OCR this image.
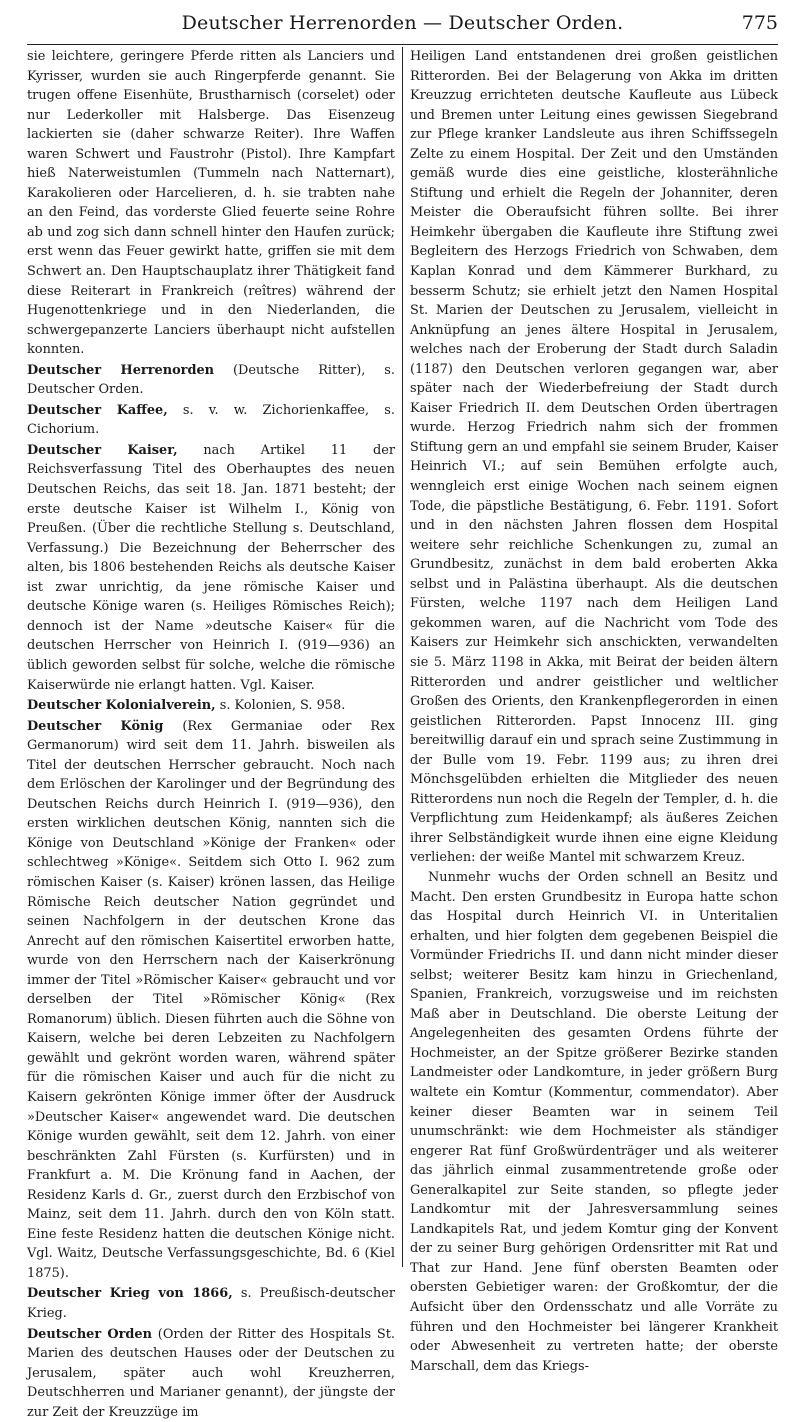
Deutscher Herrenorden — Deutscher Orden.	775

sie leichtere, geringere Pferde ritten als Lanciers und Kyrisser, wurden sie auch Ringerpferde genannt. Sie trugen offene Eisenhüte, Brustharnisch (corselet) oder nur Lederkoller mit Halsberge. Das Eisenzeug lackierten sie (daher schwarze Reiter). Ihre Waffen waren Schwert und Faustrohr (Pistol). Ihre Kampfart hieß Naterweistumlen (Tummeln nach Natternart), Karakolieren oder Harcelieren, d. h. sie trabten nahe an den Feind, das vorderste Glied feuerte seine Rohre ab und zog sich dann schnell hinter den Haufen zurück; erst wenn das Feuer gewirkt hatte, griffen sie mit dem Schwert an. Den Hauptschauplatz ihrer Thätigkeit fand diese Reiterart in Frankreich (reîtres) während der Hugenottenkriege und in den Niederlanden, die schwergepanzerte Lanciers überhaupt nicht aufstellen konnten.

Deutscher Herrenorden (Deutsche Ritter), s. Deutscher Orden.

Deutscher Kaffee, s. v. w. Zichorienkaffee, s. Cichorium.

Deutscher Kaiser, nach Artikel 11 der Reichsverfassung Titel des Oberhauptes des neuen Deutschen Reichs, das seit 18. Jan. 1871 besteht; der erste deutsche Kaiser ist Wilhelm I., König von Preußen. (Über die rechtliche Stellung s. Deutschland, Verfassung.) Die Bezeichnung der Beherrscher des alten, bis 1806 bestehenden Reichs als deutsche Kaiser ist zwar unrichtig, da jene römische Kaiser und deutsche Könige waren (s. Heiliges Römisches Reich); dennoch ist der Name »deutsche Kaiser« für die deutschen Herrscher von Heinrich I. (919—936) an üblich geworden selbst für solche, welche die römische Kaiserwürde nie erlangt hatten. Vgl. Kaiser.

Deutscher Kolonialverein, s. Kolonien, S. 958.

Deutscher König (Rex Germaniae oder Rex Germanorum) wird seit dem 11. Jahrh. bisweilen als Titel der deutschen Herrscher gebraucht. Noch nach dem Erlöschen der Karolinger und der Begründung des Deutschen Reichs durch Heinrich I. (919—936), den ersten wirklichen deutschen König, nannten sich die Könige von Deutschland »Könige der Franken« oder schlechtweg »Könige«. Seitdem sich Otto I. 962 zum römischen Kaiser (s. Kaiser) krönen lassen, das Heilige Römische Reich deutscher Nation gegründet und seinen Nachfolgern in der deutschen Krone das Anrecht auf den römischen Kaisertitel erworben hatte, wurde von den Herrschern nach der Kaiserkrönung immer der Titel »Römischer Kaiser« gebraucht und vor derselben der Titel »Römischer König« (Rex Romanorum) üblich. Diesen führten auch die Söhne von Kaisern, welche bei deren Lebzeiten zu Nachfolgern gewählt und gekrönt worden waren, während später für die römischen Kaiser und auch für die nicht zu Kaisern gekrönten Könige immer öfter der Ausdruck »Deutscher Kaiser« angewendet ward. Die deutschen Könige wurden gewählt, seit dem 12. Jahrh. von einer beschränkten Zahl Fürsten (s. Kurfürsten) und in Frankfurt a. M. Die Krönung fand in Aachen, der Residenz Karls d. Gr., zuerst durch den Erzbischof von Mainz, seit dem 11. Jahrh. durch den von Köln statt. Eine feste Residenz hatten die deutschen Könige nicht. Vgl. Waitz, Deutsche Verfassungsgeschichte, Bd. 6 (Kiel 1875).

Deutscher Krieg von 1866, s. Preußisch-deutscher Krieg.

Deutscher Orden (Orden der Ritter des Hospitals St. Marien des deutschen Hauses oder der Deutschen zu Jerusalem, später auch wohl Kreuzherren, Deutschherren und Marianer genannt), der jüngste der zur Zeit der Kreuzzüge im

Heiligen Land entstandenen drei großen geistlichen Ritterorden. Bei der Belagerung von Akka im dritten Kreuzzug errichteten deutsche Kaufleute aus Lübeck und Bremen unter Leitung eines gewissen Siegebrand zur Pflege kranker Landsleute aus ihren Schiffssegeln Zelte zu einem Hospital. Der Zeit und den Umständen gemäß wurde dies eine geistliche, klosterähnliche Stiftung und erhielt die Regeln der Johanniter, deren Meister die Oberaufsicht führen sollte. Bei ihrer Heimkehr übergaben die Kaufleute ihre Stiftung zwei Begleitern des Herzogs Friedrich von Schwaben, dem Kaplan Konrad und dem Kämmerer Burkhard, zu besserm Schutz; sie erhielt jetzt den Namen Hospital St. Marien der Deutschen zu Jerusalem, vielleicht in Anknüpfung an jenes ältere Hospital in Jerusalem, welches nach der Eroberung der Stadt durch Saladin (1187) den Deutschen verloren gegangen war, aber später nach der Wiederbefreiung der Stadt durch Kaiser Friedrich II. dem Deutschen Orden übertragen wurde. Herzog Friedrich nahm sich der frommen Stiftung gern an und empfahl sie seinem Bruder, Kaiser Heinrich VI.; auf sein Bemühen erfolgte auch, wenngleich erst einige Wochen nach seinem eignen Tode, die päpstliche Bestätigung, 6. Febr. 1191. Sofort und in den nächsten Jahren flossen dem Hospital weitere sehr reichliche Schenkungen zu, zumal an Grundbesitz, zunächst in dem bald eroberten Akka selbst und in Palästina überhaupt. Als die deutschen Fürsten, welche 1197 nach dem Heiligen Land gekommen waren, auf die Nachricht vom Tode des Kaisers zur Heimkehr sich anschickten, verwandelten sie 5. März 1198 in Akka, mit Beirat der beiden ältern Ritterorden und andrer geistlicher und weltlicher Großen des Orients, den Krankenpflegerorden in einen geistlichen Ritterorden. Papst Innocenz III. ging bereitwillig darauf ein und sprach seine Zustimmung in der Bulle vom 19. Febr. 1199 aus; zu ihren drei Mönchsgelübden erhielten die Mitglieder des neuen Ritterordens nun noch die Regeln der Templer, d. h. die Verpflichtung zum Heidenkampf; als äußeres Zeichen ihrer Selbständigkeit wurde ihnen eine eigne Kleidung verliehen: der weiße Mantel mit schwarzem Kreuz.

Nunmehr wuchs der Orden schnell an Besitz und Macht. Den ersten Grundbesitz in Europa hatte schon das Hospital durch Heinrich VI. in Unteritalien erhalten, und hier folgten dem gegebenen Beispiel die Vormünder Friedrichs II. und dann nicht minder dieser selbst; weiterer Besitz kam hinzu in Griechenland, Spanien, Frankreich, vorzugsweise und im reichsten Maß aber in Deutschland. Die oberste Leitung der Angelegenheiten des gesamten Ordens führte der Hochmeister, an der Spitze größerer Bezirke standen Landmeister oder Landkomture, in jeder größern Burg waltete ein Komtur (Kommentur, commendator). Aber keiner dieser Beamten war in seinem Teil unumschränkt: wie dem Hochmeister als ständiger engerer Rat fünf Großwürdenträger und als weiterer das jährlich einmal zusammentretende große oder Generalkapitel zur Seite standen, so pflegte jeder Landkomtur mit der Jahresversammlung seines Landkapitels Rat, und jedem Komtur ging der Konvent der zu seiner Burg gehörigen Ordensritter mit Rat und That zur Hand. Jene fünf obersten Beamten oder obersten Gebietiger waren: der Großkomtur, der die Aufsicht über den Ordensschatz und alle Vorräte zu führen und den Hochmeister bei längerer Krankheit oder Abwesenheit zu vertreten hatte; der oberste Marschall, dem das Kriegs-
